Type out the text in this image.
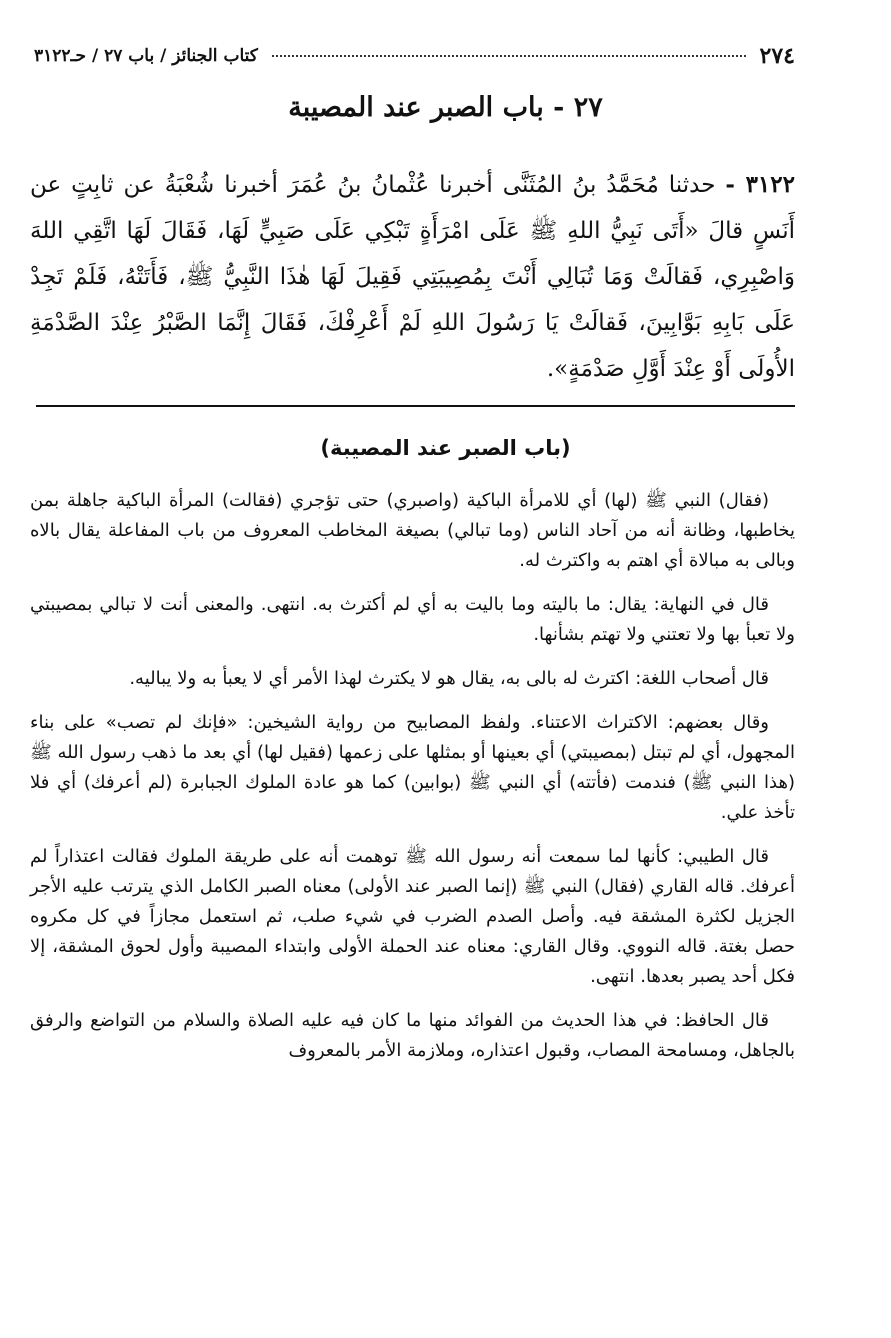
٢٧٤
كتاب الجنائز / باب ٢٧ / حـ٣١٢٢
٢٧ - باب الصبر عند المصيبة
٣١٢٢ - حدثنا مُحَمَّدُ بنُ المُثَنَّى أخبرنا عُثْمانُ بنُ عُمَرَ أخبرنا شُعْبَةُ عن ثابِتٍ عن أَنَسٍ قالَ «أَتَى نَبِيُّ اللهِ ﷺ عَلَى امْرَأَةٍ تَبْكِي عَلَى صَبِيٍّ لَهَا، فَقَالَ لَهَا اتَّقِي اللهَ وَاصْبِرِي، فَقالَتْ وَمَا تُبَالِي أَنْتَ بِمُصِيبَتِي فَقِيلَ لَهَا هٰذَا النَّبِيُّ ﷺ، فَأَتَتْهُ، فَلَمْ تَجِدْ عَلَى بَابِهِ بَوَّابِينَ، فَقالَتْ يَا رَسُولَ اللهِ لَمْ أَعْرِفْكَ، فَقَالَ إِنَّمَا الصَّبْرُ عِنْدَ الصَّدْمَةِ الأُولَى أَوْ عِنْدَ أَوَّلِ صَدْمَةٍ».
(باب الصبر عند المصيبة)

(فقال) النبي ﷺ (لها) أي للامرأة الباكية (واصبري) حتى تؤجري (فقالت) المرأة الباكية جاهلة بمن يخاطبها، وظانة أنه من آحاد الناس (وما تبالي) بصيغة المخاطب المعروف من باب المفاعلة يقال بالاه وبالى به مبالاة أي اهتم به واكترث له.

قال في النهاية: يقال: ما باليته وما باليت به أي لم أكترث به. انتهى. والمعنى أنت لا تبالي بمصيبتي ولا تعبأ بها ولا تعتني ولا تهتم بشأنها.

قال أصحاب اللغة: اكترث له بالى به، يقال هو لا يكترث لهذا الأمر أي لا يعبأ به ولا يباليه.

وقال بعضهم: الاكتراث الاعتناء. ولفظ المصابيح من رواية الشيخين: «فإنك لم تصب» على بناء المجهول، أي لم تبتل (بمصيبتي) أي بعينها أو بمثلها على زعمها (فقيل لها) أي بعد ما ذهب رسول الله ﷺ (هذا النبي ﷺ) فندمت (فأتته) أي النبي ﷺ (بوابين) كما هو عادة الملوك الجبابرة (لم أعرفك) أي فلا تأخذ علي.

قال الطيبي: كأنها لما سمعت أنه رسول الله ﷺ توهمت أنه على طريقة الملوك فقالت اعتذاراً لم أعرفك. قاله القاري (فقال) النبي ﷺ (إنما الصبر عند الأولى) معناه الصبر الكامل الذي يترتب عليه الأجر الجزيل لكثرة المشقة فيه. وأصل الصدم الضرب في شيء صلب، ثم استعمل مجازاً في كل مكروه حصل بغتة. قاله النووي. وقال القاري: معناه عند الحملة الأولى وابتداء المصيبة وأول لحوق المشقة، إلا فكل أحد يصبر بعدها. انتهى.

قال الحافظ: في هذا الحديث من الفوائد منها ما كان فيه عليه الصلاة والسلام من التواضع والرفق بالجاهل، ومسامحة المصاب، وقبول اعتذاره، وملازمة الأمر بالمعروف
